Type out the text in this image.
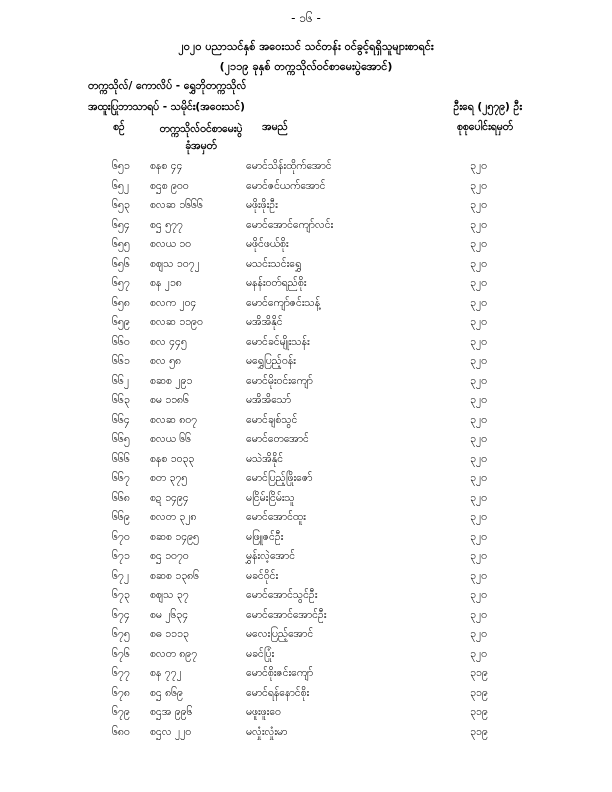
- ၁၆ -
၂၀၂၀ ပညာသင်နှစ် အဝေးသင် သင်တန်း ဝင်ခွင့်ရရှိသူများစာရင်း
(၂၁၁၉ ခုနှစ် တက္ကသိုလ်ဝင်စာမေးပွဲအောင်)
တက္ကသိုလ်/ ကောလိပ် - ရွှေဘိုတက္ကသိုလ်
အထူးပြုဘာသာရပ် - သမိုင်း(အဝေးသင်)	ဦးရေ (၂၅၇၉) ဦး
စဉ်	တက္ကသိုလ်ဝင်စာမေးပွဲ
ခုံအမှတ်
အမည်	စုစုပေါင်းရမှတ်
၆၅၁ စနစ ၄၄	မောင်သိန်းထိုက်အောင်	၃၂၀
၆၅၂ စဌစ ၉၀၀	မောင်ဇင်ယက်အောင်	၃၂၀
၆၅၃ စလဆ ၁၆၆၆	မဖိုးဖိုးဦး	၃၂၀
၆၅၄ စဌ ၅၇၇	မောင်အောင်ကျော်လင်း	၃၂၀
၆၅၅ စလယ ၁၀	မဖိုင်ဖယ်စိုး	၃၂၀
၆၅၆ စဈသ ၁၀၇၂	မသင်းသင်းရွှေ	၃၂၀
၆၅၇ စန ၂၁၈	မနန်းဝတ်ရည်စိုး	၃၂၀
၆၅၈ စလက ၂၀၄	မောင်ကျော်ဇင်းသန့်	၃၂၀
၆၅၉ စလဆ ၁၁၉၀	မအိအိနိုင်	၃၂၀
၆၆၀ စလ ၄၄၅	မောင်ခင်မျိုးသန်း	၃၂၀
၆၆၁ စလ ၅၈	မရွှေပြည့်ဝန်း	၃၂၀
၆၆၂ စဆစ ၂၉၁	မောင်မိုးဝင်းကျော်	၃၂၀
၆၆၃ စမ ၁၁၈၆	မအိအိသော်	၃၂၀
၆၆၄ စလဆ ၈၀၇	မောင်ချစ်သွင်	၃၂၀
၆၆၅ စလယ ၆၆	မောင်တေအောင်	၃၂၀
၆၆၆ စနစ ၁၀၃၃	မသဲအိနိုင်	၃၂၀
၆၆၇ စတ ၃၇၅	မောင်ပြည့်ဖြိုးဇော်	၃၂၀
၆၆၈ စဍ ၁၄၉၄	မငြိမ်းငြိမ်းသူ	၃၂၀
၆၆၉ စလတ ၃၂၈	မောင်အောင်ထူး	၃၂၀
၆၇၀ စဆစ ၁၄၉၅	မဖြူဇင်ဦး	၃၂၀
၆၇၁ စဌ ၁၀၇၀	မွှန်းလဲ့အောင်	၃၂၀
၆၇၂ စဆစ ၁၃၈၆	မခင်ဝိုင်း	၃၂၀
၆၇၃ စဈသ ၃၇	မောင်အောင်သွင်ဦး	၃၂၀
၆၇၄ စမ ၂၆၃၄	မောင်အောင်အောင်ဦး	၃၂၀
၆၇၅ စဓ ၁၁၁၃	မလေးပြည့်အောင်	၃၂၀
၆၇၆ စလတ ၈၉၇	မခင်ပြုံး	၃၂၀
၆၇၇ စန ၇၇၂	မောင်စိုးဇင်းကျော်	၃၁၉
၆၇၈ စဌ ၈၆၉	မောင်ရန်နောင်စိုး	၃၁၉
၆၇၉ စဌအ ၉၉၆	မဖူးဖူးဝေ	၃၁၉
၆၈၀ စဌလ ၂၂၀	မလှုံးလှုံးမာ	၃၁၉
